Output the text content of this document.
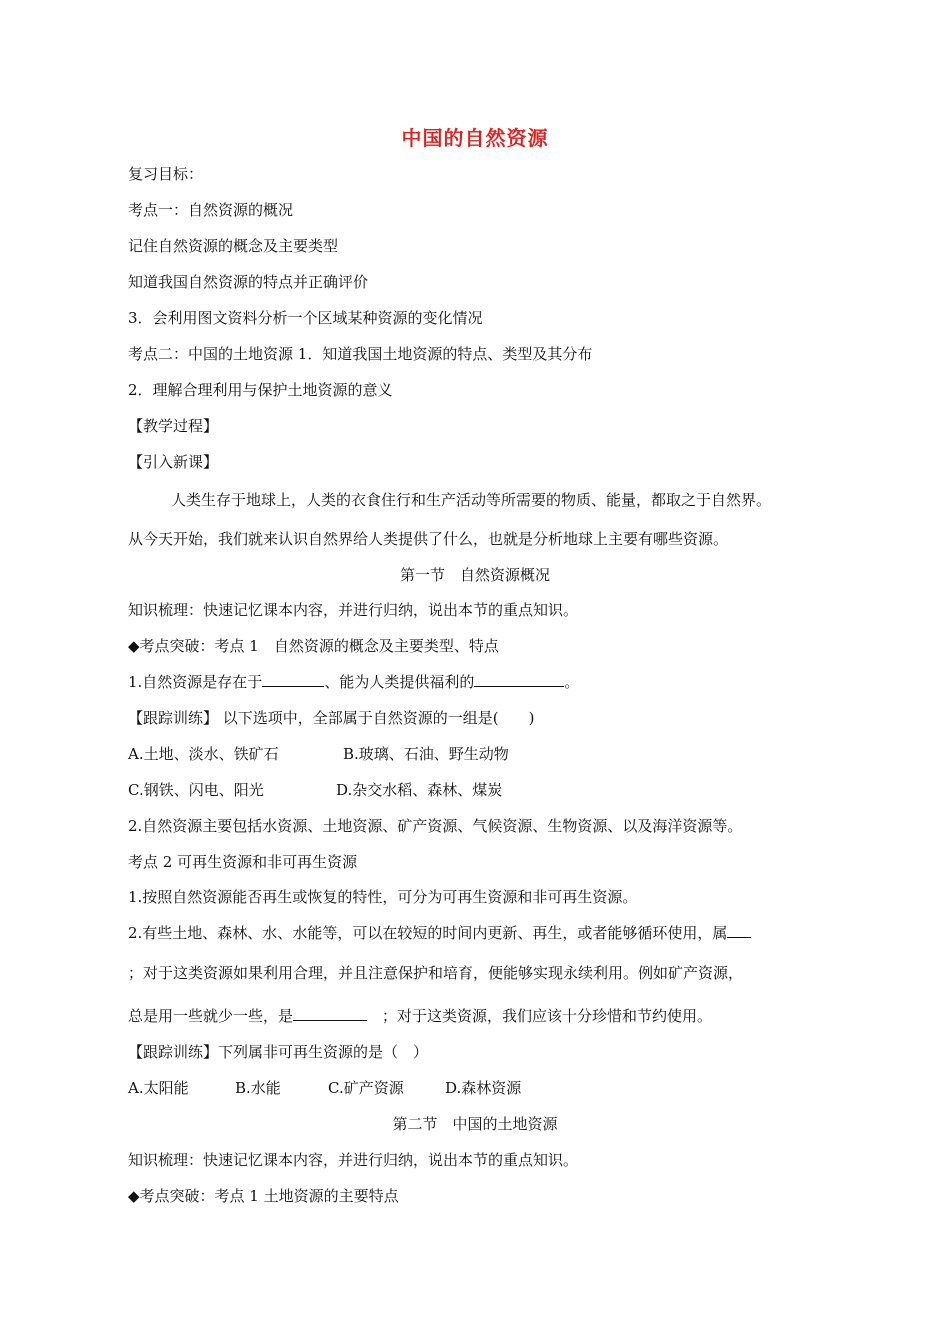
中国的自然资源
复习目标：
考点一：自然资源的概况
记住自然资源的概念及主要类型
知道我国自然资源的特点并正确评价
3．会利用图文资料分析一个区域某种资源的变化情况
考点二：中国的土地资源 1．知道我国土地资源的特点、类型及其分布
2．理解合理利用与保护土地资源的意义
【教学过程】
【引入新课】
人类生存于地球上，人类的衣食住行和生产活动等所需要的物质、能量，都取之于自然界。
从今天开始，我们就来认识自然界给人类提供了什么，也就是分析地球上主要有哪些资源。
第一节　自然资源概况
知识梳理：快速记忆课本内容，并进行归纳，说出本节的重点知识。
◆考点突破：考点 1　自然资源的概念及主要类型、特点
1.自然资源是存在于	、能为人类提供福利的	。
【跟踪训练】 以下选项中，全部属于自然资源的一组是(　　)
A.土地、淡水、铁矿石	B.玻璃、石油、野生动物
C.钢铁、闪电、阳光	D.杂交水稻、森林、煤炭
2.自然资源主要包括水资源、土地资源、矿产资源、气候资源、生物资源、以及海洋资源等。
考点 2 可再生资源和非可再生资源
1.按照自然资源能否再生或恢复的特性，可分为可再生资源和非可再生资源。
2.有些土地、森林、水、水能等，可以在较短的时间内更新、再生，或者能够循环使用，属
；对于这类资源如果利用合理，并且注意保护和培育，便能够实现永续利用。例如矿产资源，
总是用一些就少一些，是　	；对于这类资源，我们应该十分珍惜和节约使用。
【跟踪训练】下列属非可再生资源的是（　）
A.太阳能	B.水能	C.矿产资源	D.森林资源
第二节　中国的土地资源
知识梳理：快速记忆课本内容，并进行归纳，说出本节的重点知识。
◆考点突破：考点 1 土地资源的主要特点
